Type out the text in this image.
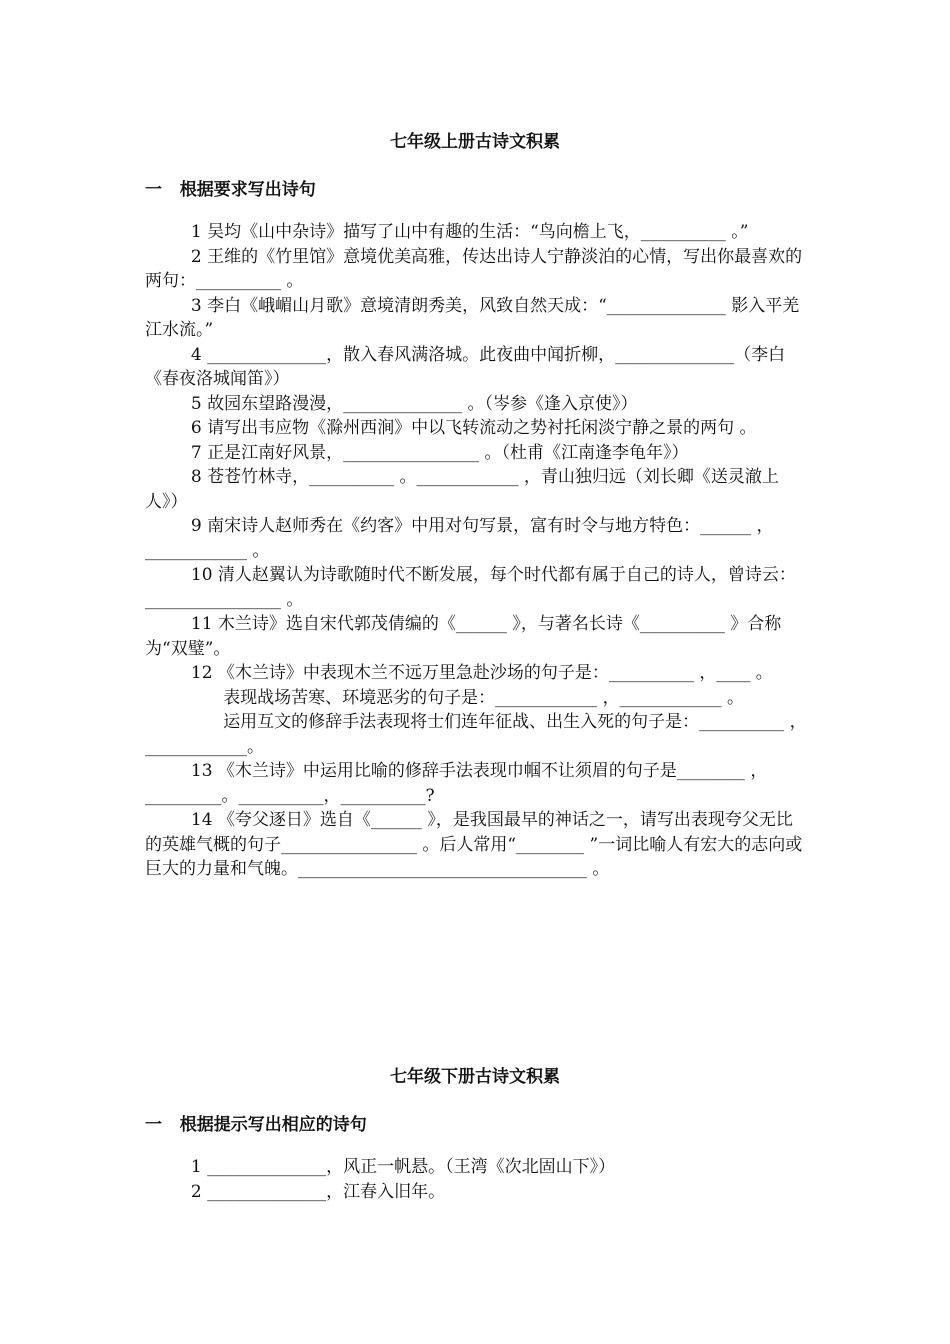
七年级上册古诗文积累
一   根据要求写出诗句

1 吴均《山中杂诗》描写了山中有趣的生活：“鸟向檐上飞，__________ 。”

2 王维的《竹里馆》意境优美高雅，传达出诗人宁静淡泊的心情，写出你最喜欢的两句：__________ 。

3 李白《峨嵋山月歌》意境清朗秀美，风致自然天成：“______________ 影入平羌江水流。”

4 ______________，散入春风满洛城。此夜曲中闻折柳，______________（李白《春夜洛城闻笛》）

5 故园东望路漫漫，______________ 。（岑参《逢入京使》）

6 请写出韦应物《滁州西涧》中以飞转流动之势衬托闲淡宁静之景的两句 。

7 正是江南好风景，________________ 。（杜甫《江南逢李龟年》）

8 苍苍竹林寺，__________ 。____________ ，青山独归远（刘长卿《送灵澈上人》）

9 南宋诗人赵师秀在《约客》中用对句写景，富有时令与地方特色：______ ，____________ 。

10 清人赵翼认为诗歌随时代不断发展，每个时代都有属于自己的诗人，曾诗云：________________ 。

11 木兰诗》选自宋代郭茂倩编的《______ 》，与著名长诗《__________ 》合称为“双璧”。

12 《木兰诗》中表现木兰不远万里急赴沙场的句子是：__________ ，____ 。

表现战场苦寒、环境恶劣的句子是：____________ ，____________ 。

运用互文的修辞手法表现将士们连年征战、出生入死的句子是：__________ ， ____________。

13 《木兰诗》中运用比喻的修辞手法表现巾帼不让须眉的句子是________ ，_________。__________，__________?

14 《夸父逐日》选自《______ 》，是我国最早的神话之一，请写出表现夸父无比的英雄气概的句子________________ 。后人常用“________ ”一词比喻人有宏大的志向或巨大的力量和气魄。__________________________________ 。

七年级下册古诗文积累
一   根据提示写出相应的诗句

1 ______________，风正一帆悬。（王湾《次北固山下》）

2 ______________，江春入旧年。
